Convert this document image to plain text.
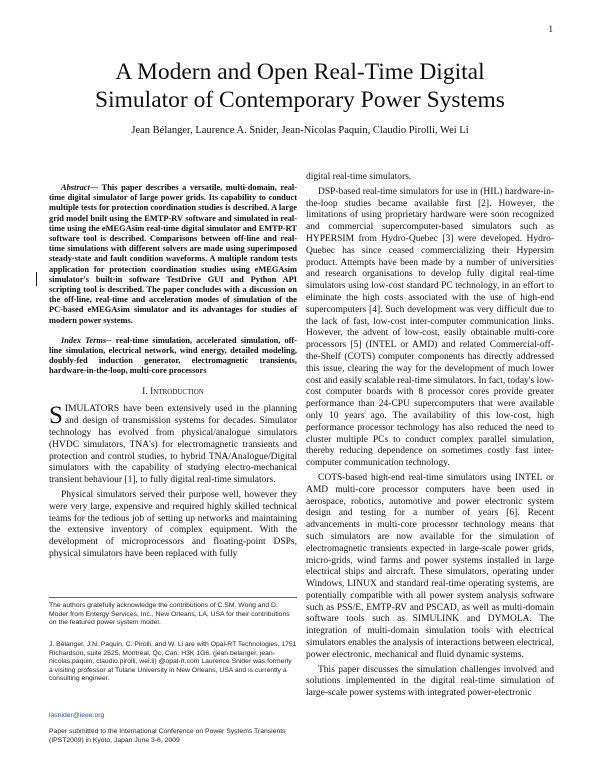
1
A Modern and Open Real-Time Digital
Simulator of Contemporary Power Systems
Jean Bélanger, Laurence A. Snider, Jean-Nicolas Paquin, Claudio Pirolli, Wei Li

Abstract— This paper describes a versatile, multi-domain, real-time digital simulator of large power grids. Its capability to conduct multiple tests for protection coordination studies is described. A large grid model built using the EMTP-RV software and simulated in real-time using the eMEGAsim real-time digital simulator and EMTP-RT software tool is described. Comparisons between off-line and real-time simulations with different solvers are made using superimposed steady-state and fault condition waveforms. A multiple random tests application for protection coordination studies using eMEGAsim simulator's built-in software TestDrive GUI and Python API scripting tool is described. The paper concludes with a discussion on the off-line, real-time and acceleration modes of simulation of the PC-based eMEGAsim simulator and its advantages for studies of modern power systems.

Index Terms-- real-time simulation, accelerated simulation, off-line simulation, electrical network, wind energy, detailed modeling, doubly-fed induction generator, electromagnetic transients, hardware-in-the-loop, multi-core processors

I. Introduction

SIMULATORS have been extensively used in the planning and design of transmission systems for decades. Simulator technology has evolved from physical/analogue simulators (HVDC simulators, TNA's) for electromagnetic transients and protection and control studies, to hybrid TNA/Analogue/Digital simulators with the capability of studying electro-mechanical transient behaviour [1], to fully digital real-time simulators.

Physical simulators served their purpose well, however they were very large, expensive and required highly skilled technical teams for the tedious job of setting up networks and maintaining the extensive inventory of complex equipment. With the development of microprocessors and floating-point DSPs, physical simulators have been replaced with fully

digital real-time simulators.

DSP-based real-time simulators for use in (HIL) hardware-in-the-loop studies became available first [2]. However, the limitations of using proprietary hardware were soon recognized and commercial supercomputer-based simulators such as HYPERSIM from Hydro-Quebec [3] were developed. Hydro-Quebec has since ceased commercializing their Hypersim product. Attempts have been made by a number of universities and research organisations to develop fully digital real-time simulators using low-cost standard PC technology, in an effort to eliminate the high costs associated with the use of high-end supercomputers [4]. Such development was very difficult due to the lack of fast, low-cost inter-computer communication links. However, the advent of low-cost, easily obtainable multi-core processors [5] (INTEL or AMD) and related Commercial-off-the-Shelf (COTS) computer components has directly addressed this issue, clearing the way for the development of much lower cost and easily scalable real-time simulators. In fact, today's low-cost computer boards with 8 processor cores provide greater performance than 24-CPU supercomputers that were available only 10 years ago. The availability of this low-cost, high performance processor technology has also reduced the need to cluster multiple PCs to conduct complex parallel simulation, thereby reducing dependence on sometimes costly fast inter-computer communication technology.

COTS-based high-end real-time simulators using INTEL or AMD multi-core processor computers have been used in aerospace, robotics, automotive and power electronic system design and testing for a number of years [6]. Recent advancements in multi-core processor technology means that such simulators are now available for the simulation of electromagnetic transients expected in large-scale power grids, micro-grids, wind farms and power systems installed in large electrical ships and aircraft. These simulators, operating under Windows, LINUX and standard real-time operating systems, are potentially compatible with all power system analysis software such as PSS/E, EMTP-RV and PSCAD, as well as multi-domain software tools such as SIMULINK and DYMOLA. The integration of multi-domain simulation tools with electrical simulators enables the analysis of interactions between electrical, power electronic, mechanical and fluid dynamic systems.

This paper discusses the simulation challenges involved and solutions implemented in the digital real-time simulation of large-scale power systems with integrated power-electronic

The authors gratefully acknowledge the contributions of C.SM. Wong and D. Moder from Entergy Services, Inc., New Orleans, LA, USA for their contributions on the featured power system model.
J. Bélanger, J.N. Paquin, C. Pirolli, and W. Li are with Opal-RT Technologies, 1751 Richardson, suite 2525, Montreal, Qc, Can. H3K 1G6. (jean.belanger, jean-nicolas.paquin, claudio.pirolli, wei.li) @opal-rt.com Laurence Snider was formerly a visiting professor at Tulane University in New Orleans, USA and is currently a consulting engineer.
lasnider@ieee.org
Paper submitted to the International Conference on Power Systems Transients (IPST2009) in Kyoto, Japan June 3-6, 2009
